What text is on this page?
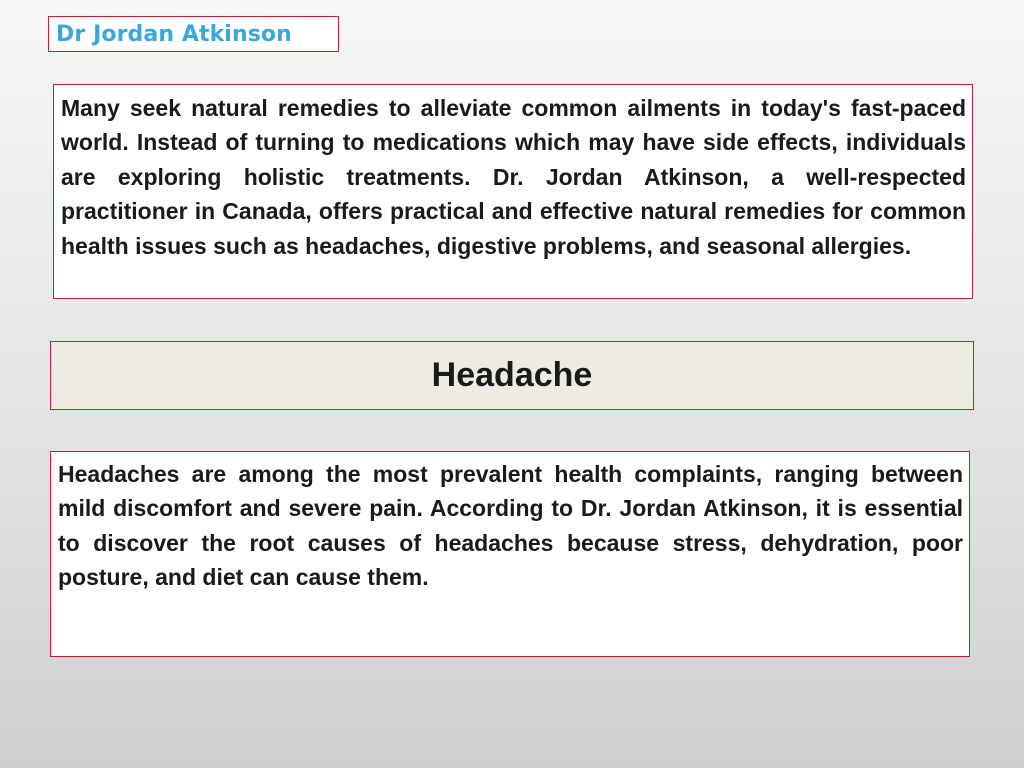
Dr Jordan Atkinson
Many seek natural remedies to alleviate common ailments in today's fast-paced world. Instead of turning to medications which may have side effects, individuals are exploring holistic treatments. Dr. Jordan Atkinson, a well-respected practitioner in Canada, offers practical and effective natural remedies for common health issues such as headaches, digestive problems, and seasonal allergies.
Headache
Headaches are among the most prevalent health complaints, ranging between mild discomfort and severe pain. According to Dr. Jordan Atkinson, it is essential to discover the root causes of headaches because stress, dehydration, poor posture, and diet can cause them.
